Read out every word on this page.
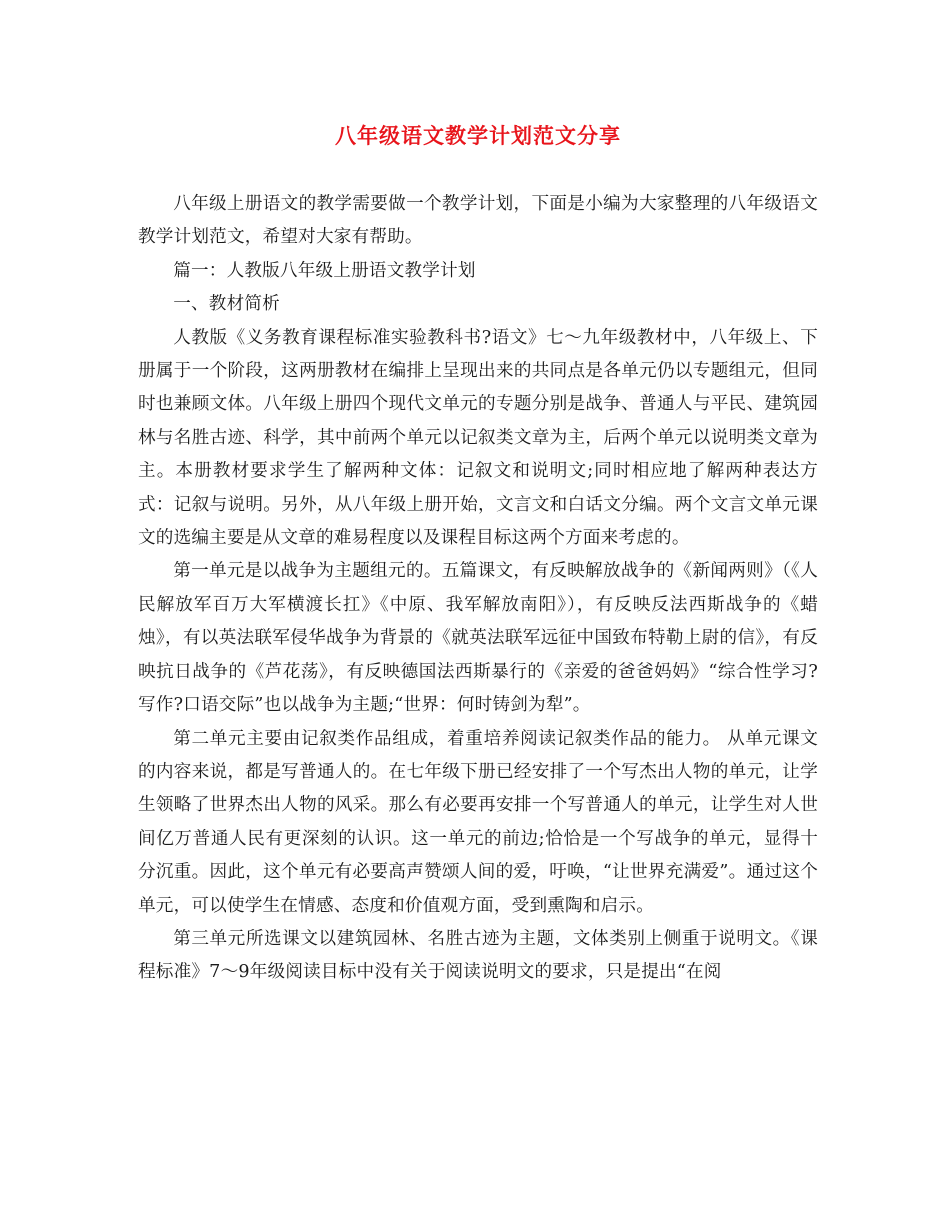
八年级语文教学计划范文分享

八年级上册语文的教学需要做一个教学计划，下面是小编为大家整理的八年级语文教学计划范文，希望对大家有帮助。

篇一：人教版八年级上册语文教学计划

一、教材简析

人教版《义务教育课程标准实验教科书?语文》七～九年级教材中，八年级上、下册属于一个阶段，这两册教材在编排上呈现出来的共同点是各单元仍以专题组元，但同时也兼顾文体。八年级上册四个现代文单元的专题分别是战争、普通人与平民、建筑园林与名胜古迹、科学，其中前两个单元以记叙类文章为主，后两个单元以说明类文章为主。本册教材要求学生了解两种文体：记叙文和说明文;同时相应地了解两种表达方式：记叙与说明。另外，从八年级上册开始，文言文和白话文分编。两个文言文单元课文的选编主要是从文章的难易程度以及课程目标这两个方面来考虑的。

第一单元是以战争为主题组元的。五篇课文，有反映解放战争的《新闻两则》（《人民解放军百万大军横渡长扛》《中原、我军解放南阳》），有反映反法西斯战争的《蜡烛》，有以英法联军侵华战争为背景的《就英法联军远征中国致布特勒上尉的信》，有反映抗日战争的《芦花荡》，有反映德国法西斯暴行的《亲爱的爸爸妈妈》“综合性学习?写作?口语交际”也以战争为主题;“世界：何时铸剑为犁”。

第二单元主要由记叙类作品组成，着重培养阅读记叙类作品的能力。 从单元课文的内容来说，都是写普通人的。在七年级下册已经安排了一个写杰出人物的单元，让学生领略了世界杰出人物的风采。那么有必要再安排一个写普通人的单元，让学生对人世间亿万普通人民有更深刻的认识。这一单元的前边;恰恰是一个写战争的单元，显得十分沉重。因此，这个单元有必要高声赞颂人间的爱，吁唤，“让世界充满爱”。通过这个单元，可以使学生在情感、态度和价值观方面，受到熏陶和启示。

第三单元所选课文以建筑园林、名胜古迹为主题，文体类别上侧重于说明文。《课程标准》7～9年级阅读目标中没有关于阅读说明文的要求，只是提出“在阅
